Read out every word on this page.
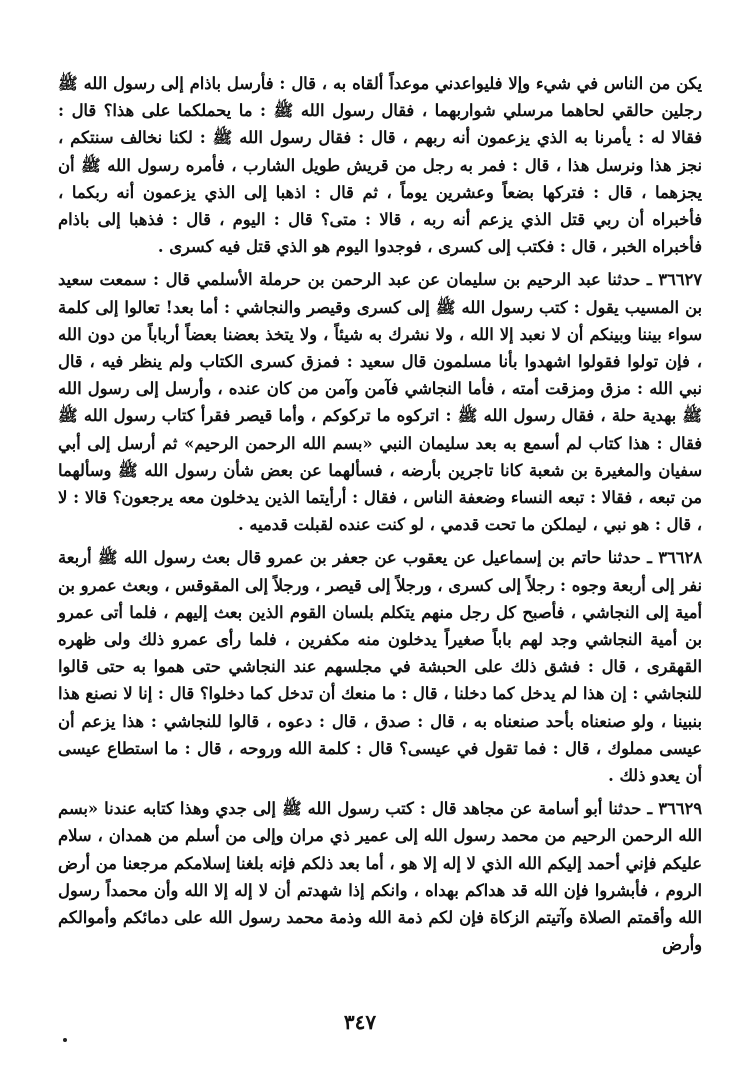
يكن من الناس في شيء وإلا فليواعدني موعداً ألقاه به ، قال : فأرسل باذام إلى رسول الله ﷺ رجلين حالقي لحاهما مرسلي شواربهما ، فقال رسول الله ﷺ : ما يحملكما على هذا؟ قال : فقالا له : يأمرنا به الذي يزعمون أنه ربهم ، قال : فقال رسول الله ﷺ : لكنا نخالف سنتكم ، نجز هذا ونرسل هذا ، قال : فمر به رجل من قريش طويل الشارب ، فأمره رسول الله ﷺ أن يجزهما ، قال : فتركها بضعاً وعشرين يوماً ، ثم قال : اذهبا إلى الذي يزعمون أنه ربكما ، فأخبراه أن ربي قتل الذي يزعم أنه ربه ، قالا : متى؟ قال : اليوم ، قال : فذهبا إلى باذام فأخبراه الخبر ، قال : فكتب إلى كسرى ، فوجدوا اليوم هو الذي قتل فيه كسرى .

٣٦٦٢٧ ـ حدثنا عبد الرحيم بن سليمان عن عبد الرحمن بن حرملة الأسلمي قال : سمعت سعيد بن المسيب يقول : كتب رسول الله ﷺ إلى كسرى وقيصر والنجاشي : أما بعد! تعالوا إلى كلمة سواء بيننا وبينكم أن لا نعبد إلا الله ، ولا نشرك به شيئاً ، ولا يتخذ بعضنا بعضاً أرباباً من دون الله ، فإن تولوا فقولوا اشهدوا بأنا مسلمون قال سعيد : فمزق كسرى الكتاب ولم ينظر فيه ، قال نبي الله : مزق ومزقت أمته ، فأما النجاشي فآمن وآمن من كان عنده ، وأرسل إلى رسول الله ﷺ بهدية حلة ، فقال رسول الله ﷺ : اتركوه ما تركوكم ، وأما قيصر فقرأ كتاب رسول الله ﷺ فقال : هذا كتاب لم أسمع به بعد سليمان النبي «بسم الله الرحمن الرحيم» ثم أرسل إلى أبي سفيان والمغيرة بن شعبة كانا تاجرين بأرضه ، فسألهما عن بعض شأن رسول الله ﷺ وسألهما من تبعه ، فقالا : تبعه النساء وضعفة الناس ، فقال : أرأيتما الذين يدخلون معه يرجعون؟ قالا : لا ، قال : هو نبي ، ليملكن ما تحت قدمي ، لو كنت عنده لقبلت قدميه .

٣٦٦٢٨ ـ حدثنا حاتم بن إسماعيل عن يعقوب عن جعفر بن عمرو قال بعث رسول الله ﷺ أربعة نفر إلى أربعة وجوه : رجلاً إلى كسرى ، ورجلاً إلى قيصر ، ورجلاً إلى المقوقس ، وبعث عمرو بن أمية إلى النجاشي ، فأصبح كل رجل منهم يتكلم بلسان القوم الذين بعث إليهم ، فلما أتى عمرو بن أمية النجاشي وجد لهم باباً صغيراً يدخلون منه مكفرين ، فلما رأى عمرو ذلك ولى ظهره القهقرى ، قال : فشق ذلك على الحبشة في مجلسهم عند النجاشي حتى هموا به حتى قالوا للنجاشي : إن هذا لم يدخل كما دخلنا ، قال : ما منعك أن تدخل كما دخلوا؟ قال : إنا لا نصنع هذا بنبينا ، ولو صنعناه بأحد صنعناه به ، قال : صدق ، قال : دعوه ، قالوا للنجاشي : هذا يزعم أن عيسى مملوك ، قال : فما تقول في عيسى؟ قال : كلمة الله وروحه ، قال : ما استطاع عيسى أن يعدو ذلك .

٣٦٦٢٩ ـ حدثنا أبو أسامة عن مجاهد قال : كتب رسول الله ﷺ إلى جدي وهذا كتابه عندنا «بسم الله الرحمن الرحيم من محمد رسول الله إلى عمير ذي مران وإلى من أسلم من همدان ، سلام عليكم فإني أحمد إليكم الله الذي لا إله إلا هو ، أما بعد ذلكم فإنه بلغنا إسلامكم مرجعنا من أرض الروم ، فأبشروا فإن الله قد هداكم بهداه ، وانكم إذا شهدتم أن لا إله إلا الله وأن محمداً رسول الله وأقمتم الصلاة وآتيتم الزكاة فإن لكم ذمة الله وذمة محمد رسول الله على دمائكم وأموالكم وأرض

٣٤٧
